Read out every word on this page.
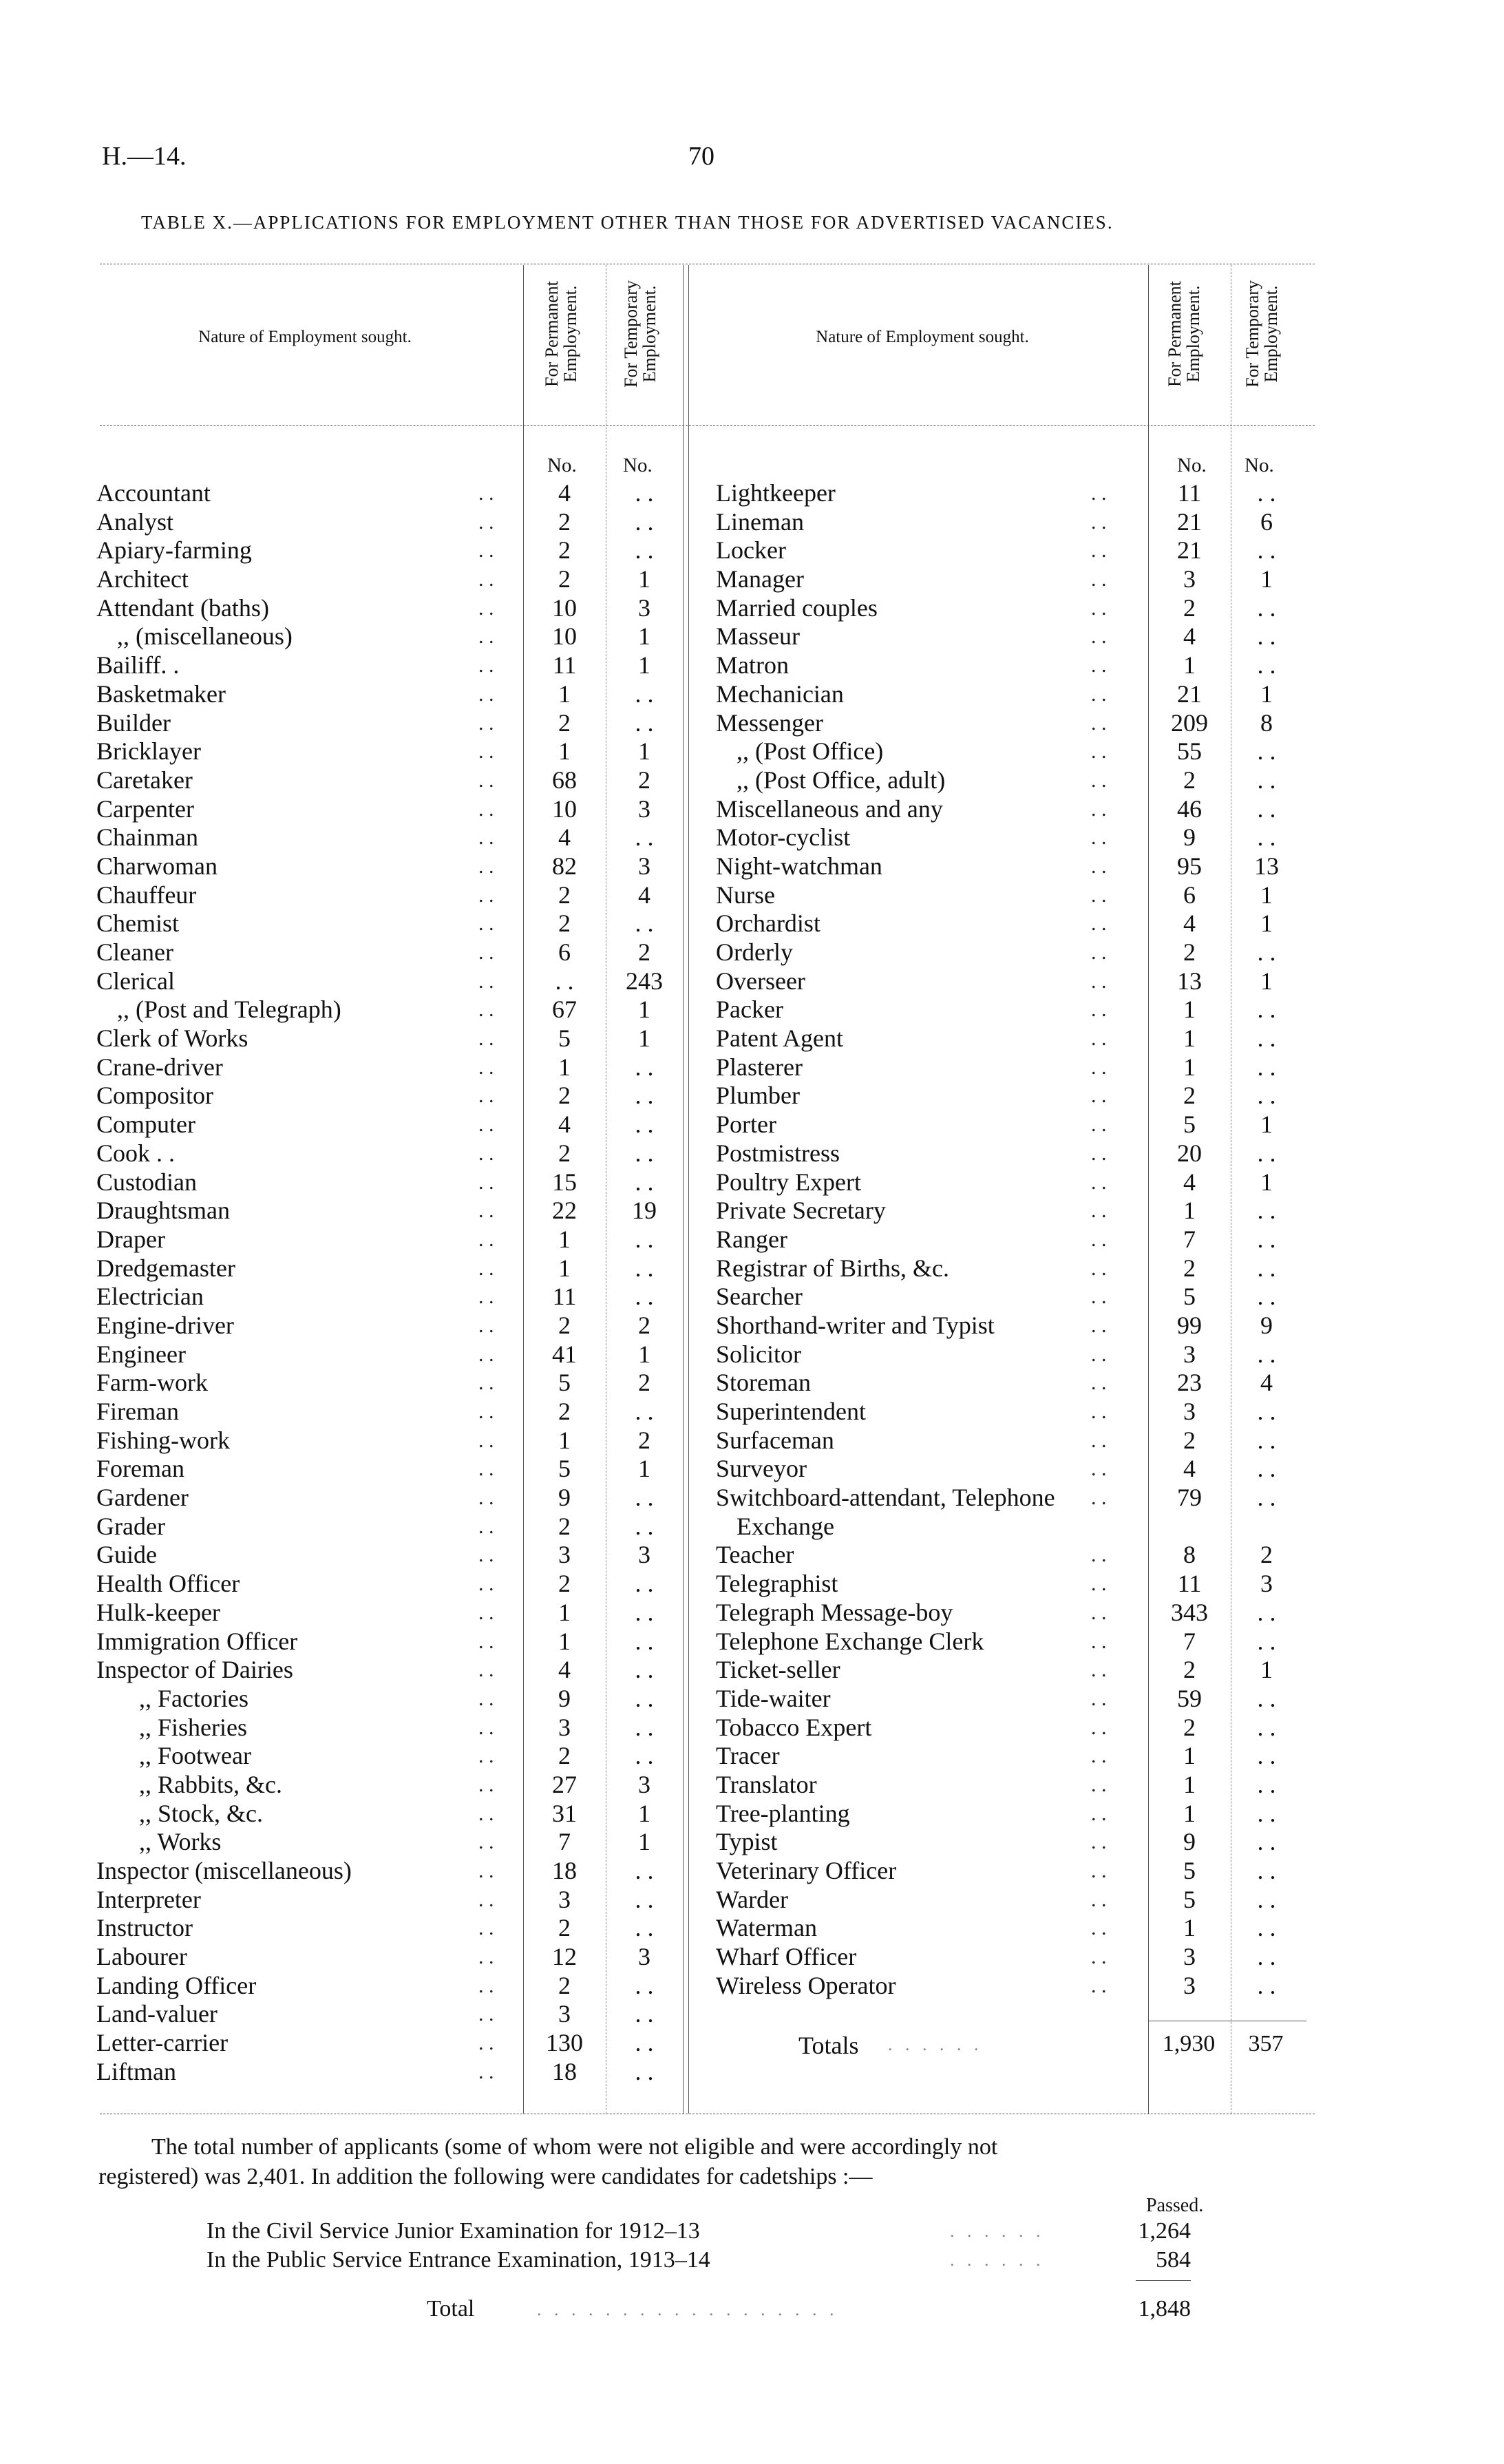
H.—14.	70
TABLE X.—APPLICATIONS FOR EMPLOYMENT OTHER THAN THOSE FOR ADVERTISED VACANCIES.
Nature of Employment sought.	Nature of Employment sought.
For Permanent Employment. For Temporary Employment.	For Permanent Employment. For Temporary Employment.
No. No.	No. No.
Accountant	. .	4	. .
Analyst	. .	2	. .
Apiary-farming	. .	2	. .
Architect	. .	2	1
Attendant (baths)	. .	10	3
,, (miscellaneous)	. .	10	1
Bailiff. .	. .	11	1
Basketmaker	. .	1	. .
Builder	. .	2	. .
Bricklayer	. .	1	1
Caretaker	. .	68	2
Carpenter	. .	10	3
Chainman	. .	4	. .
Charwoman	. .	82	3
Chauffeur	. .	2	4
Chemist	. .	2	. .
Cleaner	. .	6	2
Clerical	. .	. .	243
,, (Post and Telegraph)	. .	67	1
Clerk of Works	. .	5	1
Crane-driver	. .	1	. .
Compositor	. .	2	. .
Computer	. .	4	. .
Cook . .	. .	2	. .
Custodian	. .	15	. .
Draughtsman	. .	22	19
Draper	. .	1	. .
Dredgemaster	. .	1	. .
Electrician	. .	11	. .
Engine-driver	. .	2	2
Engineer	. .	41	1
Farm-work	. .	5	2
Fireman	. .	2	. .
Fishing-work	. .	1	2
Foreman	. .	5	1
Gardener	. .	9	. .
Grader	. .	2	. .
Guide	. .	3	3
Health Officer	. .	2	. .
Hulk-keeper	. .	1	. .
Immigration Officer	. .	1	. .
Inspector of Dairies	. .	4	. .
,, Factories	. .	9	. .
,, Fisheries	. .	3	. .
,, Footwear	. .	2	. .
,, Rabbits, &c.	. .	27	3
,, Stock, &c.	. .	31	1
,, Works	. .	7	1
Inspector (miscellaneous)	. .	18	. .
Interpreter	. .	3	. .
Instructor	. .	2	. .
Labourer	. .	12	3
Landing Officer	. .	2	. .
Land-valuer	. .	3	. .
Letter-carrier	. .	130	. .
Liftman	. .	18	. .
Lightkeeper	. .	11	. .
Lineman	. .	21	6
Locker	. .	21	. .
Manager	. .	3	1
Married couples	. .	2	. .
Masseur	. .	4	. .
Matron	. .	1	. .
Mechanician	. .	21	1
Messenger	. .	209	8
,, (Post Office)	. .	55	. .
,, (Post Office, adult)	. .	2	. .
Miscellaneous and any	. .	46	. .
Motor-cyclist	. .	9	. .
Night-watchman	. .	95	13
Nurse	. .	6	1
Orchardist	. .	4	1
Orderly	. .	2	. .
Overseer	. .	13	1
Packer	. .	1	. .
Patent Agent	. .	1	. .
Plasterer	. .	1	. .
Plumber	. .	2	. .
Porter	. .	5	1
Postmistress	. .	20	. .
Poultry Expert	. .	4	1
Private Secretary	. .	1	. .
Ranger	. .	7	. .
Registrar of Births, &c.	. .	2	. .
Searcher	. .	5	. .
Shorthand-writer and Typist	. .	99	9
Solicitor	. .	3	. .
Storeman	. .	23	4
Superintendent	. .	3	. .
Surfaceman	. .	2	. .
Surveyor	. .	4	. .
Switchboard-attendant, Telephone . .	79	. .
Exchange
Teacher	. .	8	2
Telegraphist	. .	11	3
Telegraph Message-boy	. .	343	. .
Telephone Exchange Clerk	. .	7	. .
Ticket-seller	. .	2	1
Tide-waiter	. .	59	. .
Tobacco Expert	. .	2	. .
Tracer	. .	1	. .
Translator	. .	1	. .
Tree-planting	. .	1	. .
Typist	. .	9	. .
Veterinary Officer	. .	5	. .
Warder	. .	5	. .
Waterman	. .	1	. .
Wharf Officer	. .	3	. .
Wireless Operator	. .	3	. .
Totals . . . . . .	1,930	357
The total number of applicants (some of whom were not eligible and were accordingly not
registered) was 2,401. In addition the following were candidates for cadetships :—
Passed.
In the Civil Service Junior Examination for 1912–13	. . . . . .	1,264
In the Public Service Entrance Examination, 1913–14	. . . . . .	584
Total	. . . . . . . . . . . . . . . . . .	1,848
